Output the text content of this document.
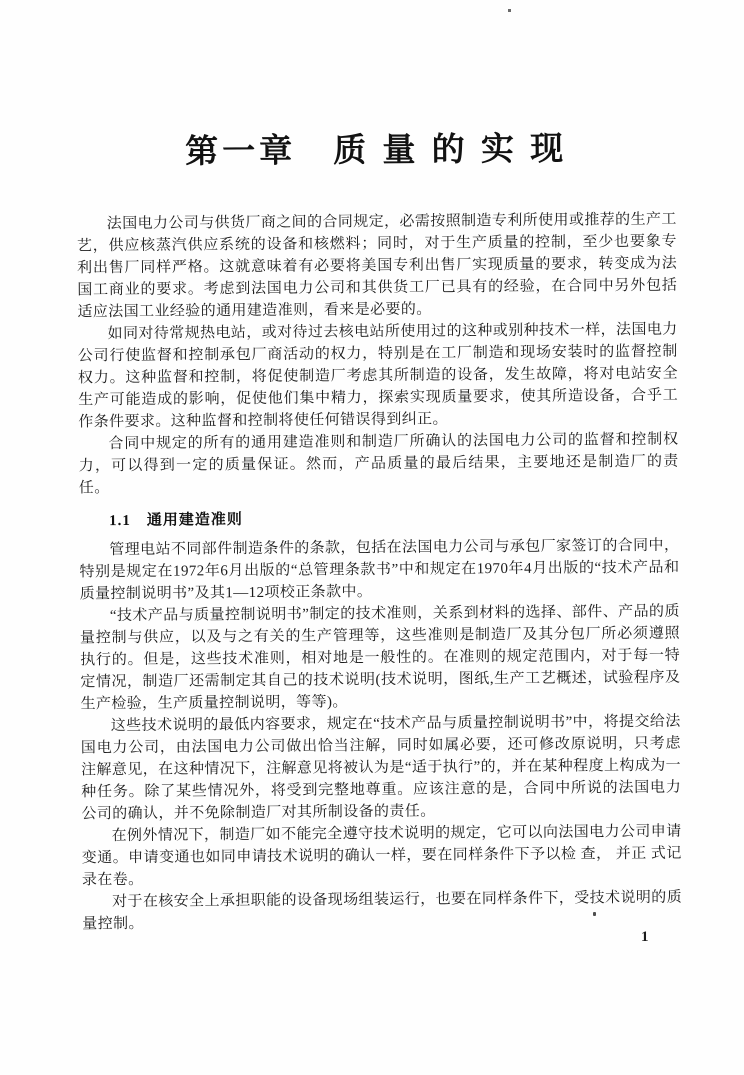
第一章　质 量 的 实 现

法国电力公司与供货厂商之间的合同规定，必需按照制造专利所使用或推荐的生产工艺，供应核蒸汽供应系统的设备和核燃料；同时，对于生产质量的控制，至少也要象专利出售厂同样严格。这就意味着有必要将美国专利出售厂实现质量的要求，转变成为法国工商业的要求。考虑到法国电力公司和其供货工厂已具有的经验，在合同中另外包括适应法国工业经验的通用建造准则，看来是必要的。

如同对待常规热电站，或对待过去核电站所使用过的这种或别种技术一样，法国电力公司行使监督和控制承包厂商活动的权力，特别是在工厂制造和现场安装时的监督控制权力。这种监督和控制，将促使制造厂考虑其所制造的设备，发生故障，将对电站安全生产可能造成的影响，促使他们集中精力，探索实现质量要求，使其所造设备，合乎工作条件要求。这种监督和控制将使任何错误得到纠正。

合同中规定的所有的通用建造准则和制造厂所确认的法国电力公司的监督和控制权力，可以得到一定的质量保证。然而，产品质量的最后结果，主要地还是制造厂的责任。

1.1　通用建造准则

管理电站不同部件制造条件的条款，包括在法国电力公司与承包厂家签订的合同中，特别是规定在1972年6月出版的“总管理条款书”中和规定在1970年4月出版的“技术产品和质量控制说明书”及其1—12项校正条款中。

“技术产品与质量控制说明书”制定的技术准则，关系到材料的选择、部件、产品的质量控制与供应，以及与之有关的生产管理等，这些准则是制造厂及其分包厂所必须遵照执行的。但是，这些技术准则，相对地是一般性的。在准则的规定范围内，对于每一特定情况，制造厂还需制定其自己的技术说明(技术说明，图纸,生产工艺概述，试验程序及生产检验，生产质量控制说明，等等)。

这些技术说明的最低内容要求，规定在“技术产品与质量控制说明书”中，将提交给法国电力公司，由法国电力公司做出恰当注解，同时如属必要，还可修改原说明，只考虑注解意见，在这种情况下，注解意见将被认为是“适于执行”的，并在某种程度上构成为一种任务。除了某些情况外，将受到完整地尊重。应该注意的是，合同中所说的法国电力公司的确认，并不免除制造厂对其所制设备的责任。

在例外情况下，制造厂如不能完全遵守技术说明的规定，它可以向法国电力公司申请变通。申请变通也如同申请技术说明的确认一样，要在同样条件下予以检 查， 并正 式记 录在卷。

对于在核安全上承担职能的设备现场组装运行，也要在同样条件下，受技术说明的质量控制。

1
